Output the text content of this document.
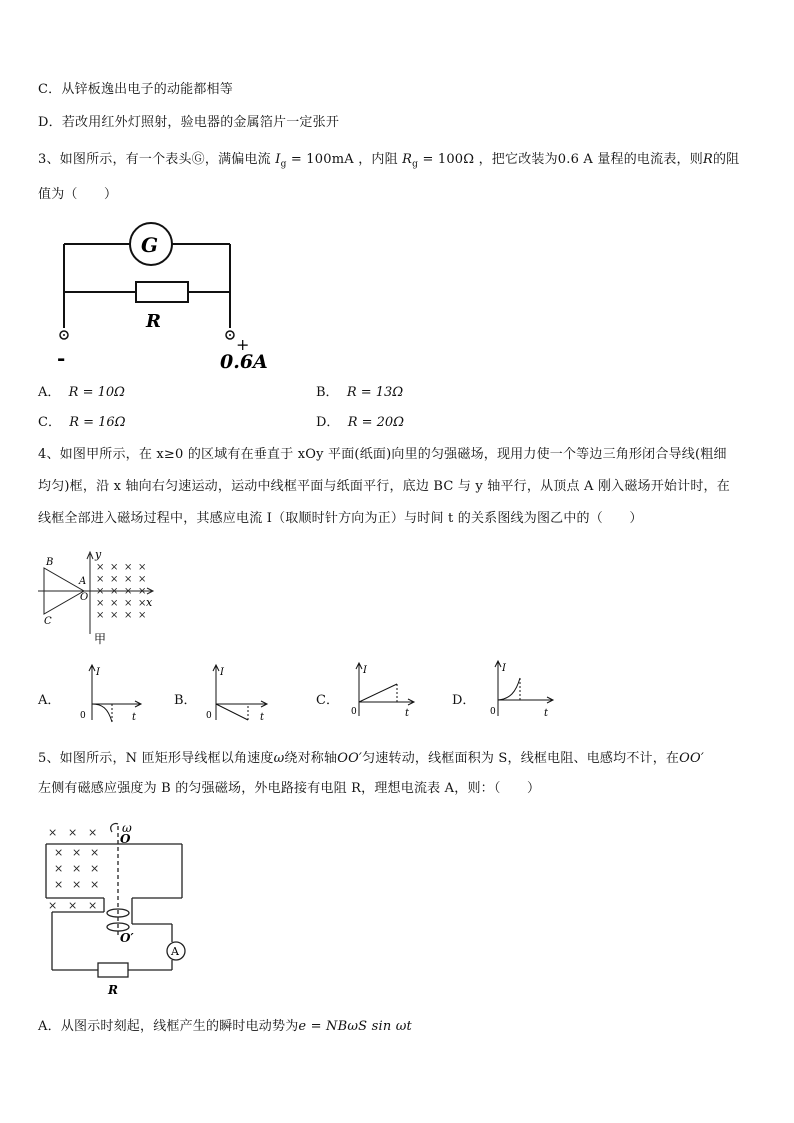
C．从锌板逸出电子的动能都相等
D．若改用红外灯照射，验电器的金属箔片一定张开
3、如图所示，有一个表头Ⓖ，满偏电流 $I_g = 100mA$ ，内阻 $R_g = 100\Omega$ ，把它改装为0.6 A 量程的电流表，则R的阻
值为（　　）
G
R
-
+
0.6A
A． R = 10Ω	B． R = 13Ω
C． R = 16Ω	D． R = 20Ω
4、如图甲所示，在 x≥0 的区域有在垂直于 xOy 平面(纸面)向里的匀强磁场，现用力使一个等边三角形闭合导线(粗细
均匀)框，沿 x 轴向右匀速运动，运动中线框平面与纸面平行，底边 BC 与 y 轴平行，从顶点 A 刚入磁场开始计时，在
线框全部进入磁场过程中，其感应电流 I（取顺时针方向为正）与时间 t 的关系图线为图乙中的（　　）
× × × ×
× × × ×
× × × ×
× × × ×
× × × ×
B
A
C
O	x
y
甲
A．
I
0	t
B．
I
0	t
C．
I
0	t
D．
I
0	t
5、如图所示，N 匝矩形导线框以角速度ω绕对称轴OO′匀速转动，线框面积为 S，线框电阻、电感均不计，在OO′
左侧有磁感应强度为 B 的匀强磁场，外电路接有电阻 R，理想电流表 A，则：（　　）
× × ×
× × ×
× × ×
× × ×
× × ×
ω
O
O′
A
R
A．从图示时刻起，线框产生的瞬时电动势为e = NBωS sin ωt
